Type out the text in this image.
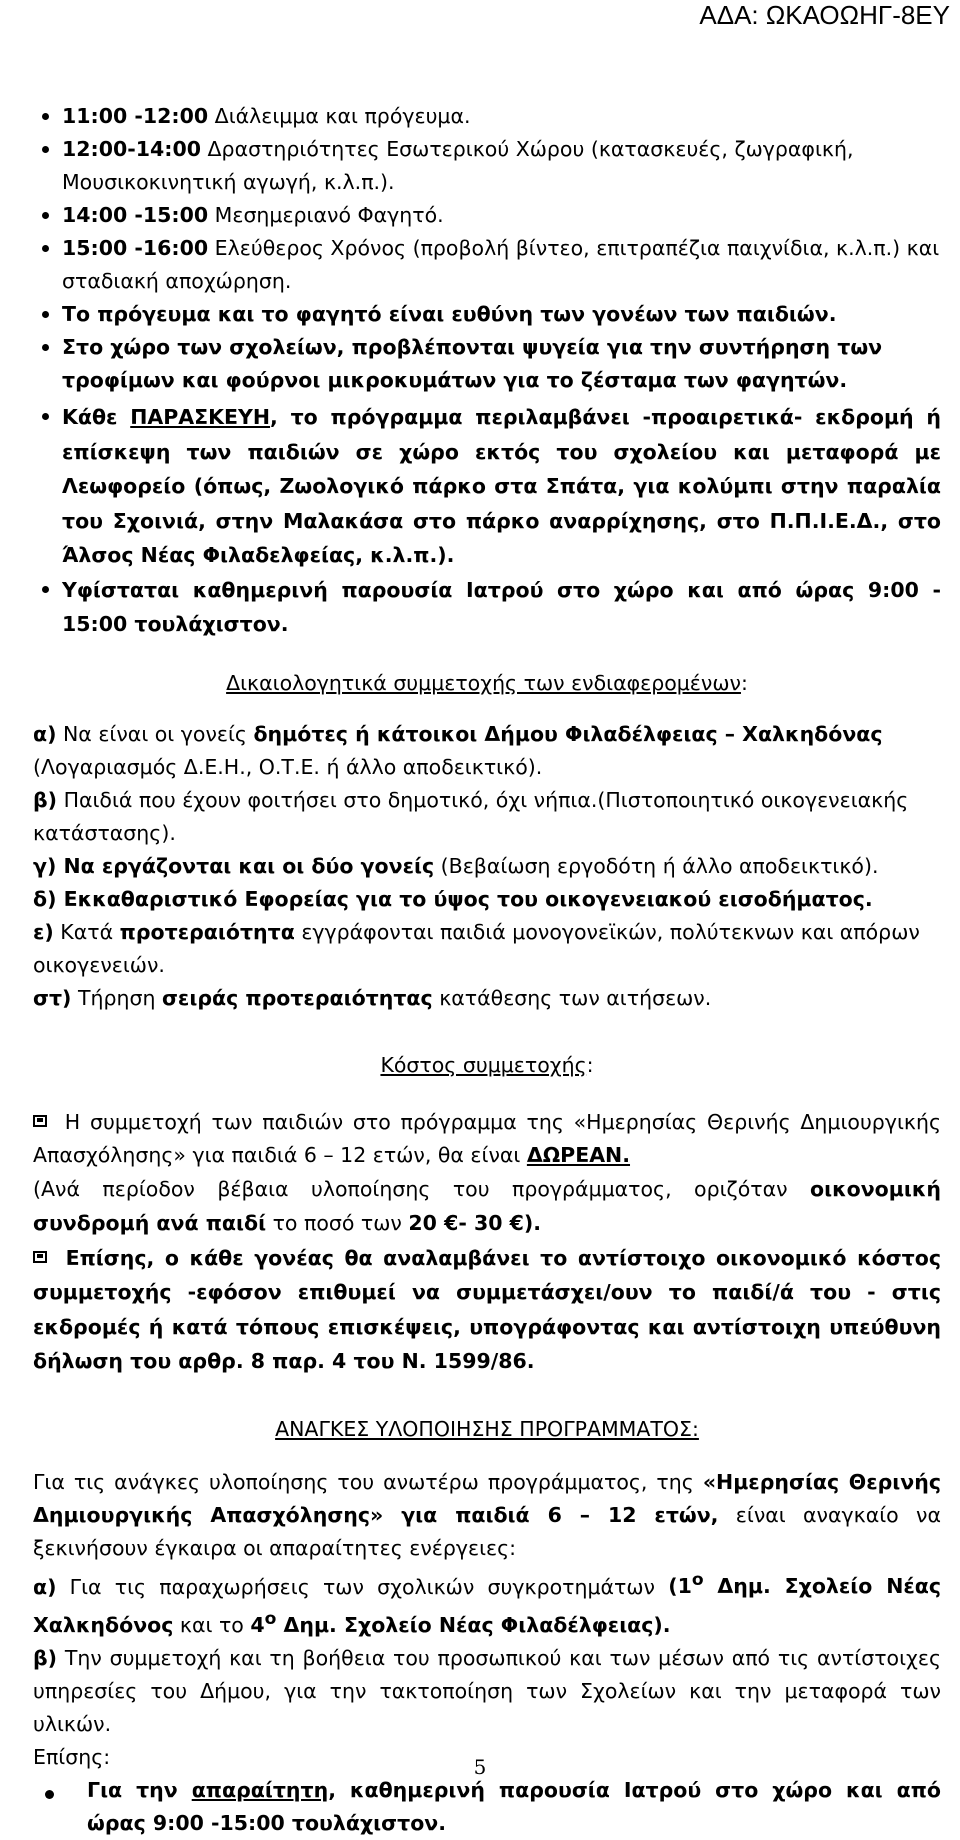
ΑΔΑ: ΩΚΑΟΩΗΓ-8ΕΥ
11:00 -12:00 Διάλειμμα και πρόγευμα.
12:00-14:00 Δραστηριότητες Εσωτερικού Χώρου (κατασκευές, ζωγραφική, Μουσικοκινητική αγωγή, κ.λ.π.).
14:00 -15:00 Μεσημεριανό Φαγητό.
15:00 -16:00 Ελεύθερος Χρόνος (προβολή βίντεο, επιτραπέζια παιχνίδια, κ.λ.π.) και σταδιακή αποχώρηση.
Το πρόγευμα και το φαγητό είναι ευθύνη των γονέων των παιδιών.
Στο χώρο των σχολείων, προβλέπονται ψυγεία για την συντήρηση των τροφίμων και φούρνοι μικροκυμάτων για το ζέσταμα των φαγητών.
Κάθε ΠΑΡΑΣΚΕΥΗ, το πρόγραμμα περιλαμβάνει -προαιρετικά- εκδρομή ή επίσκεψη των παιδιών σε χώρο εκτός του σχολείου και μεταφορά με Λεωφορείο (όπως, Ζωολογικό πάρκο στα Σπάτα, για κολύμπι στην παραλία του Σχοινιά, στην Μαλακάσα στο πάρκο αναρρίχησης, στο Π.Π.Ι.Ε.Δ., στο Άλσος Νέας Φιλαδελφείας, κ.λ.π.).
Υφίσταται καθημερινή παρουσία Ιατρού στο χώρο και από ώρας 9:00 - 15:00 τουλάχιστον.
Δικαιολογητικά συμμετοχής των ενδιαφερομένων:
α) Να είναι οι γονείς δημότες ή κάτοικοι Δήμου Φιλαδέλφειας – Χαλκηδόνας (Λογαριασμός Δ.Ε.Η., Ο.Τ.Ε. ή άλλο αποδεικτικό).
β) Παιδιά που έχουν φοιτήσει στο δημοτικό, όχι νήπια.(Πιστοποιητικό οικογενειακής κατάστασης).
γ) Να εργάζονται και οι δύο γονείς (Βεβαίωση εργοδότη ή άλλο αποδεικτικό).
δ) Εκκαθαριστικό Εφορείας για το ύψος του οικογενειακού εισοδήματος.
ε) Κατά προτεραιότητα εγγράφονται παιδιά μονογονεϊκών, πολύτεκνων και απόρων οικογενειών.
στ) Τήρηση σειράς προτεραιότητας κατάθεσης των αιτήσεων.
Κόστος συμμετοχής:
Η συμμετοχή των παιδιών στο πρόγραμμα της «Ημερησίας Θερινής Δημιουργικής Απασχόλησης» για παιδιά 6 – 12 ετών, θα είναι ΔΩΡΕΑΝ.
(Ανά περίοδον βέβαια υλοποίησης του προγράμματος, οριζόταν οικονομική συνδρομή ανά παιδί το ποσό των 20 €- 30 €).
Επίσης, ο κάθε γονέας θα αναλαμβάνει το αντίστοιχο οικονομικό κόστος συμμετοχής -εφόσον επιθυμεί να συμμετάσχει/ουν το παιδί/ά του - στις εκδρομές ή κατά τόπους επισκέψεις, υπογράφοντας και αντίστοιχη υπεύθυνη δήλωση του αρθρ. 8 παρ. 4 του Ν. 1599/86.
ΑΝΑΓΚΕΣ ΥΛΟΠΟΙΗΣΗΣ ΠΡΟΓΡΑΜΜΑΤΟΣ:
Για τις ανάγκες υλοποίησης του ανωτέρω προγράμματος, της «Ημερησίας Θερινής Δημιουργικής Απασχόλησης» για παιδιά 6 – 12 ετών, είναι αναγκαίο να ξεκινήσουν έγκαιρα οι απαραίτητες ενέργειες:
α) Για τις παραχωρήσεις των σχολικών συγκροτημάτων ($1^o$ Δημ. Σχολείο Νέας Χαλκηδόνος και το $4^o$ Δημ. Σχολείο Νέας Φιλαδέλφειας).
β) Την συμμετοχή και τη βοήθεια του προσωπικού και των μέσων από τις αντίστοιχες υπηρεσίες του Δήμου, για την τακτοποίηση των Σχολείων και την μεταφορά των υλικών.
Επίσης:
Για την απαραίτητη, καθημερινή παρουσία Ιατρού στο χώρο και από ώρας 9:00 -15:00 τουλάχιστον.
5
